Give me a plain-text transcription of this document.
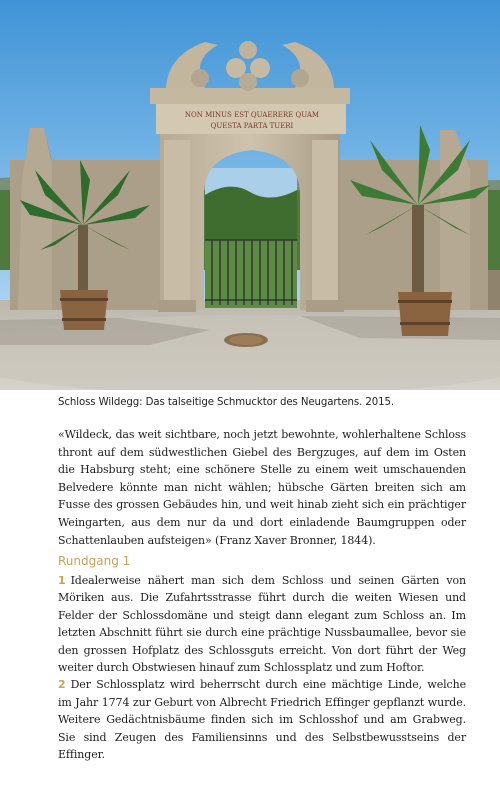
NON MINUS EST QUAERERE QUAM
QUESTA PARTA TUERI
Schloss Wildegg: Das talseitige Schmucktor des Neugartens. 2015.
«Wildeck, das weit sichtbare, noch jetzt bewohnte, wohlerhaltene Schloss thront auf dem südwestlichen Giebel des Bergzuges, auf dem im Osten die Habsburg steht; eine schönere Stelle zu einem weit umschauenden Belvedere könnte man nicht wählen; hübsche Gärten breiten sich am Fusse des grossen Gebäudes hin, und weit hinab zieht sich ein prächtiger Weingarten, aus dem nur da und dort einladende Baumgruppen oder Schattenlauben aufsteigen» (Franz Xaver Bronner, 1844).
Rundgang 1

1 Idealerweise nähert man sich dem Schloss und seinen Gärten von Möriken aus. Die Zufahrtsstrasse führt durch die weiten Wiesen und Felder der Schlossdomäne und steigt dann elegant zum Schloss an. Im letzten Abschnitt führt sie durch eine prächtige Nussbaumallee, bevor sie den grossen Hofplatz des Schlossguts erreicht. Von dort führt der Weg weiter durch Obstwiesen hinauf zum Schlossplatz und zum Hoftor.

2 Der Schlossplatz wird beherrscht durch eine mächtige Linde, welche im Jahr 1774 zur Geburt von Albrecht Friedrich Effinger gepflanzt wurde. Weitere Gedächtnisbäume finden sich im Schlosshof und am Grabweg. Sie sind Zeugen des Familiensinns und des Selbstbewusstseins der Effinger.
